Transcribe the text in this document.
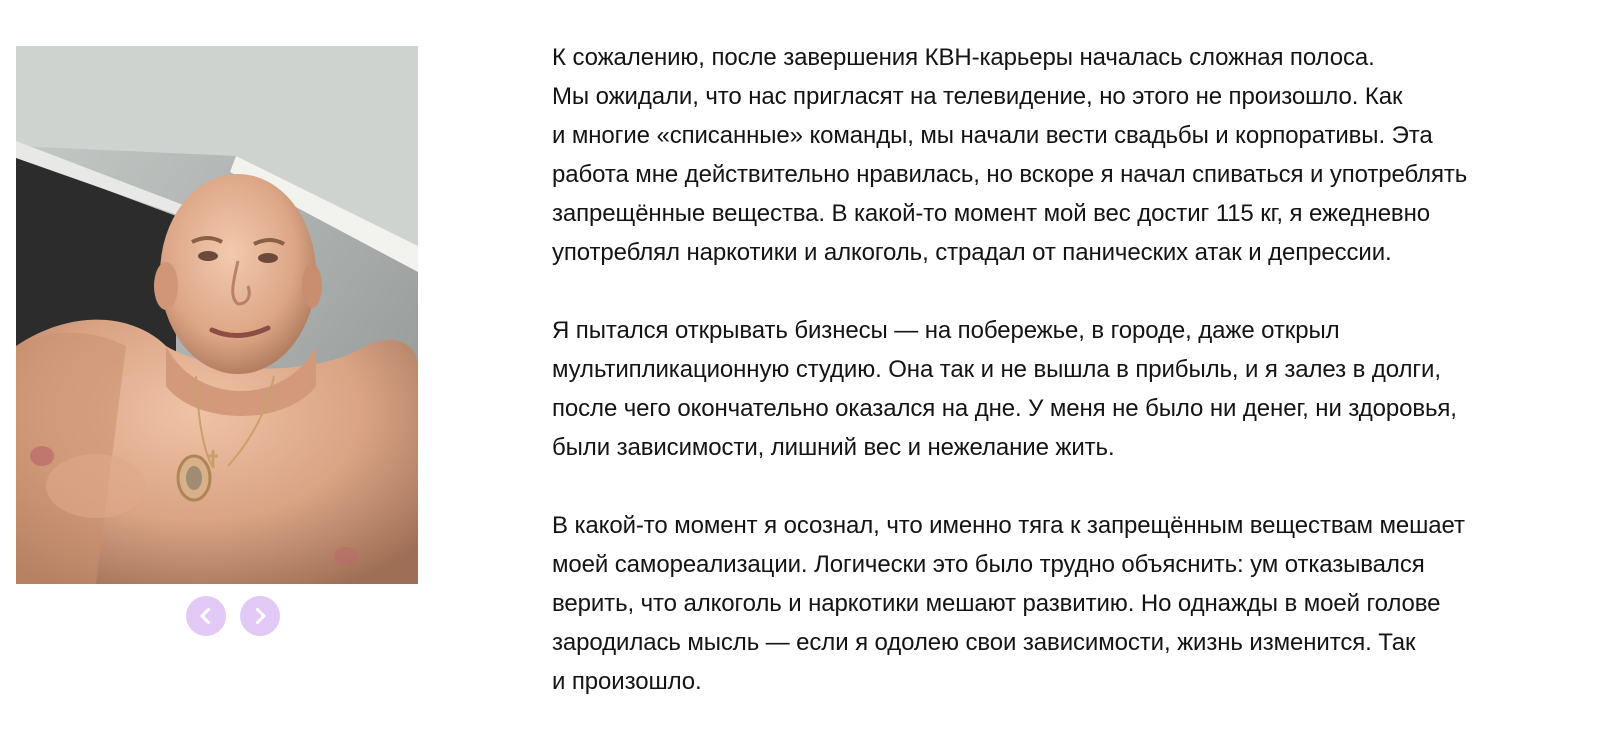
К сожалению, после завершения КВН-карьеры началась сложная полоса.
Мы ожидали, что нас пригласят на телевидение, но этого не произошло. Как
и многие «списанные» команды, мы начали вести свадьбы и корпоративы. Эта
работа мне действительно нравилась, но вскоре я начал спиваться и употреблять
запрещённые вещества. В какой-то момент мой вес достиг 115 кг, я ежедневно
употреблял наркотики и алкоголь, страдал от панических атак и депрессии.

Я пытался открывать бизнесы — на побережье, в городе, даже открыл
мультипликационную студию. Она так и не вышла в прибыль, и я залез в долги,
после чего окончательно оказался на дне. У меня не было ни денег, ни здоровья,
были зависимости, лишний вес и нежелание жить.

В какой-то момент я осознал, что именно тяга к запрещённым веществам мешает
моей самореализации. Логически это было трудно объяснить: ум отказывался
верить, что алкоголь и наркотики мешают развитию. Но однажды в моей голове
зародилась мысль — если я одолею свои зависимости, жизнь изменится. Так
и произошло.
